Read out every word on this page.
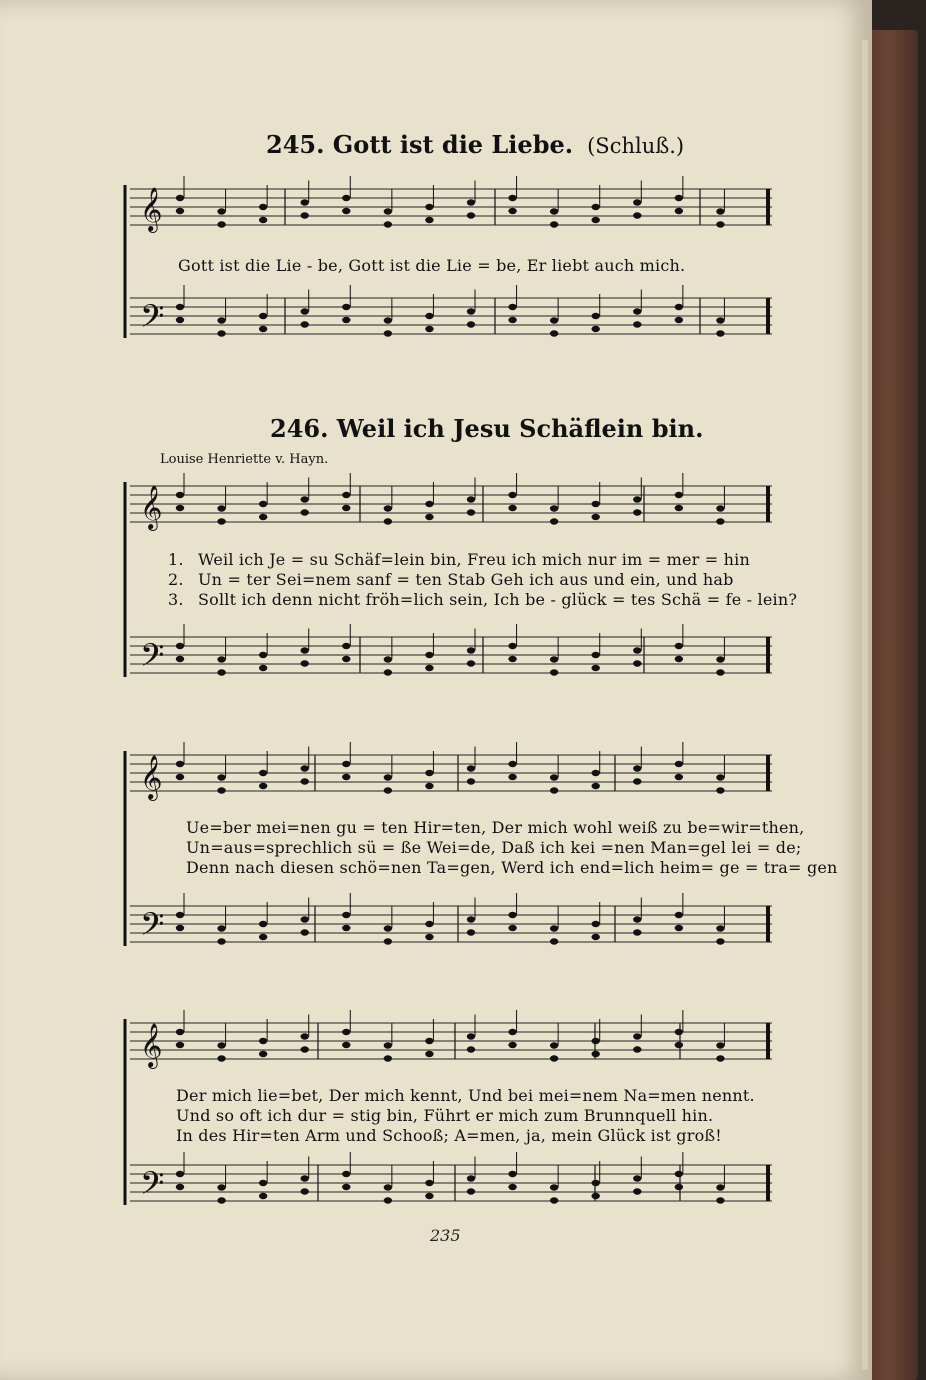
245. Gott ist die Liebe. (Schluß.)
Gott ist die Lie - be, Gott ist die Lie = be, Er liebt auch mich.
246. Weil ich Jesu Schäflein bin.
Louise Henriette v. Hayn.
1. Weil ich Je = su Schäf=lein bin, Freu ich mich nur im = mer = hin
2. Un = ter Sei=nem sanf = ten Stab Geh ich aus und ein, und hab
3. Sollt ich denn nicht fröh=lich sein, Ich be - glück = tes Schä = fe - lein?
Ue=ber mei=nen gu = ten Hir=ten, Der mich wohl weiß zu be=wir=then,
Un=aus=sprechlich sü = ße Wei=de, Daß ich kei =nen Man=gel lei = de;
Denn nach diesen schö=nen Ta=gen, Werd ich end=lich heim= ge = tra= gen
Der mich lie=bet, Der mich kennt, Und bei mei=nem Na=men nennt.
Und so oft ich dur = stig bin, Führt er mich zum Brunnquell hin.
In des Hir=ten Arm und Schooß; A=men, ja, mein Glück ist groß!
235
𝄞
𝄢
𝄞
𝄢
𝄞
𝄢
𝄞
𝄢
